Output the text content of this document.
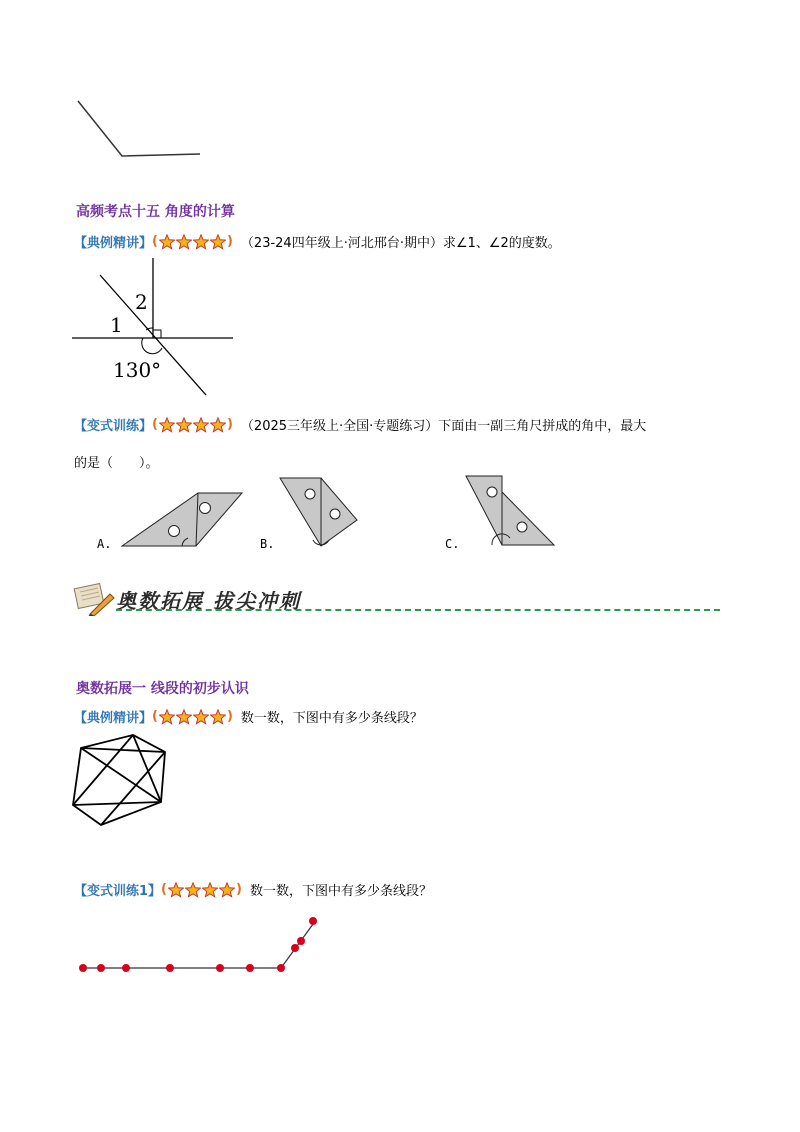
高频考点十五 角度的计算
【典例精讲】 (	) （23-24四年级上·河北邢台·期中）求∠1、∠2的度数。
2
1
130°
【变式训练】 (	) （2025三年级上·全国·专题练习）下面由一副三角尺拼成的角中，最大
的是（　　）。
A.	B.	C.
奥数拓展 拔尖冲刺
奥数拓展一 线段的初步认识
【典例精讲】 (	) 数一数，下图中有多少条线段？
【变式训练1】 (	) 数一数，下图中有多少条线段？
